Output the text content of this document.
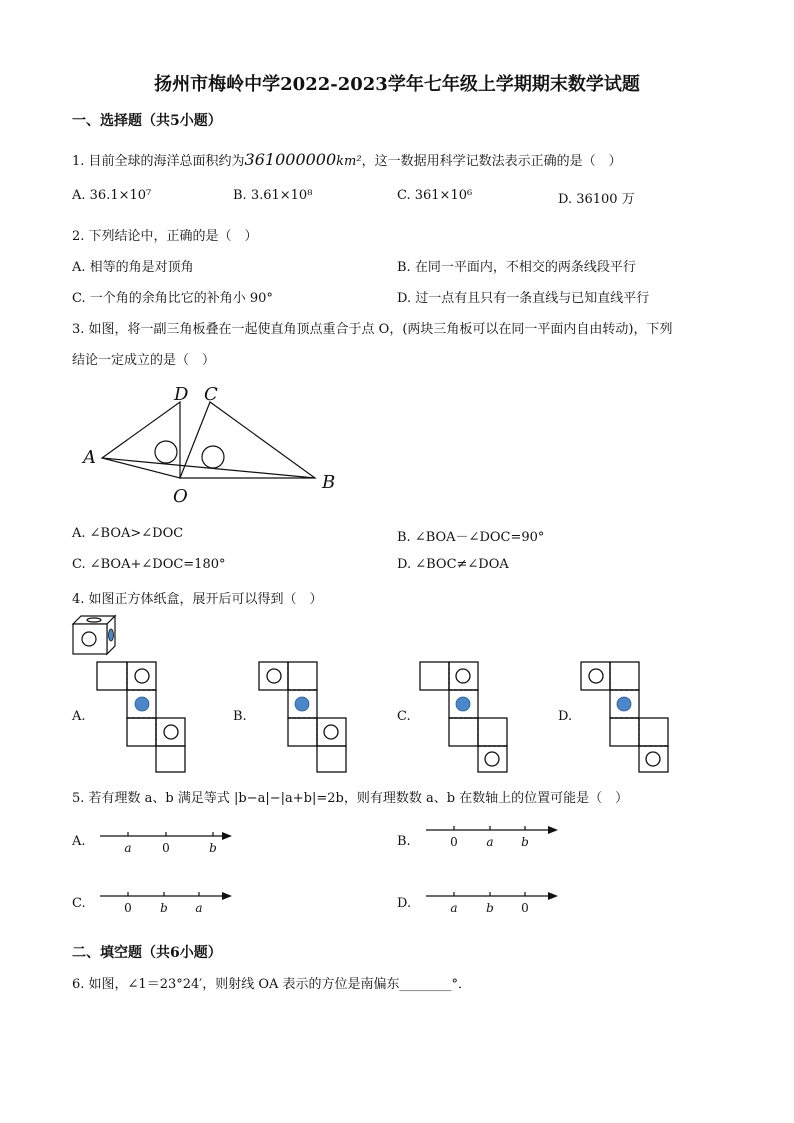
扬州市梅岭中学2022-2023学年七年级上学期期末数学试题
一、选择题（共5小题）
1. 目前全球的海洋总面积约为361000000km²，这一数据用科学记数法表示正确的是（　）
A. 36.1×10⁷	B. 3.61×10⁸	C. 361×10⁶	D. 36100 万
2. 下列结论中，正确的是（　）
A. 相等的角是对顶角	B. 在同一平面内，不相交的两条线段平行
C. 一个角的余角比它的补角小 90°	D. 过一点有且只有一条直线与已知直线平行
3. 如图，将一副三角板叠在一起使直角顶点重合于点 O，(两块三角板可以在同一平面内自由转动)，下列
结论一定成立的是（　）
D C
A
O
B
A. ∠BOA>∠DOC	B. ∠BOA－∠DOC=90°
C. ∠BOA+∠DOC=180°	D. ∠BOC≠∠DOA
4. 如图正方体纸盒，展开后可以得到（　）
A.	B.	C.	D.
5. 若有理数 a、b 满足等式 |b−a|−|a+b|=2b，则有理数数 a、b 在数轴上的位置可能是（　）
A.	a	0	b	B.	0 a b
C.	0 b a	D.	a b 0
二、填空题（共6小题）
6. 如图，∠1＝23°24′，则射线 OA 表示的方位是南偏东________°．
